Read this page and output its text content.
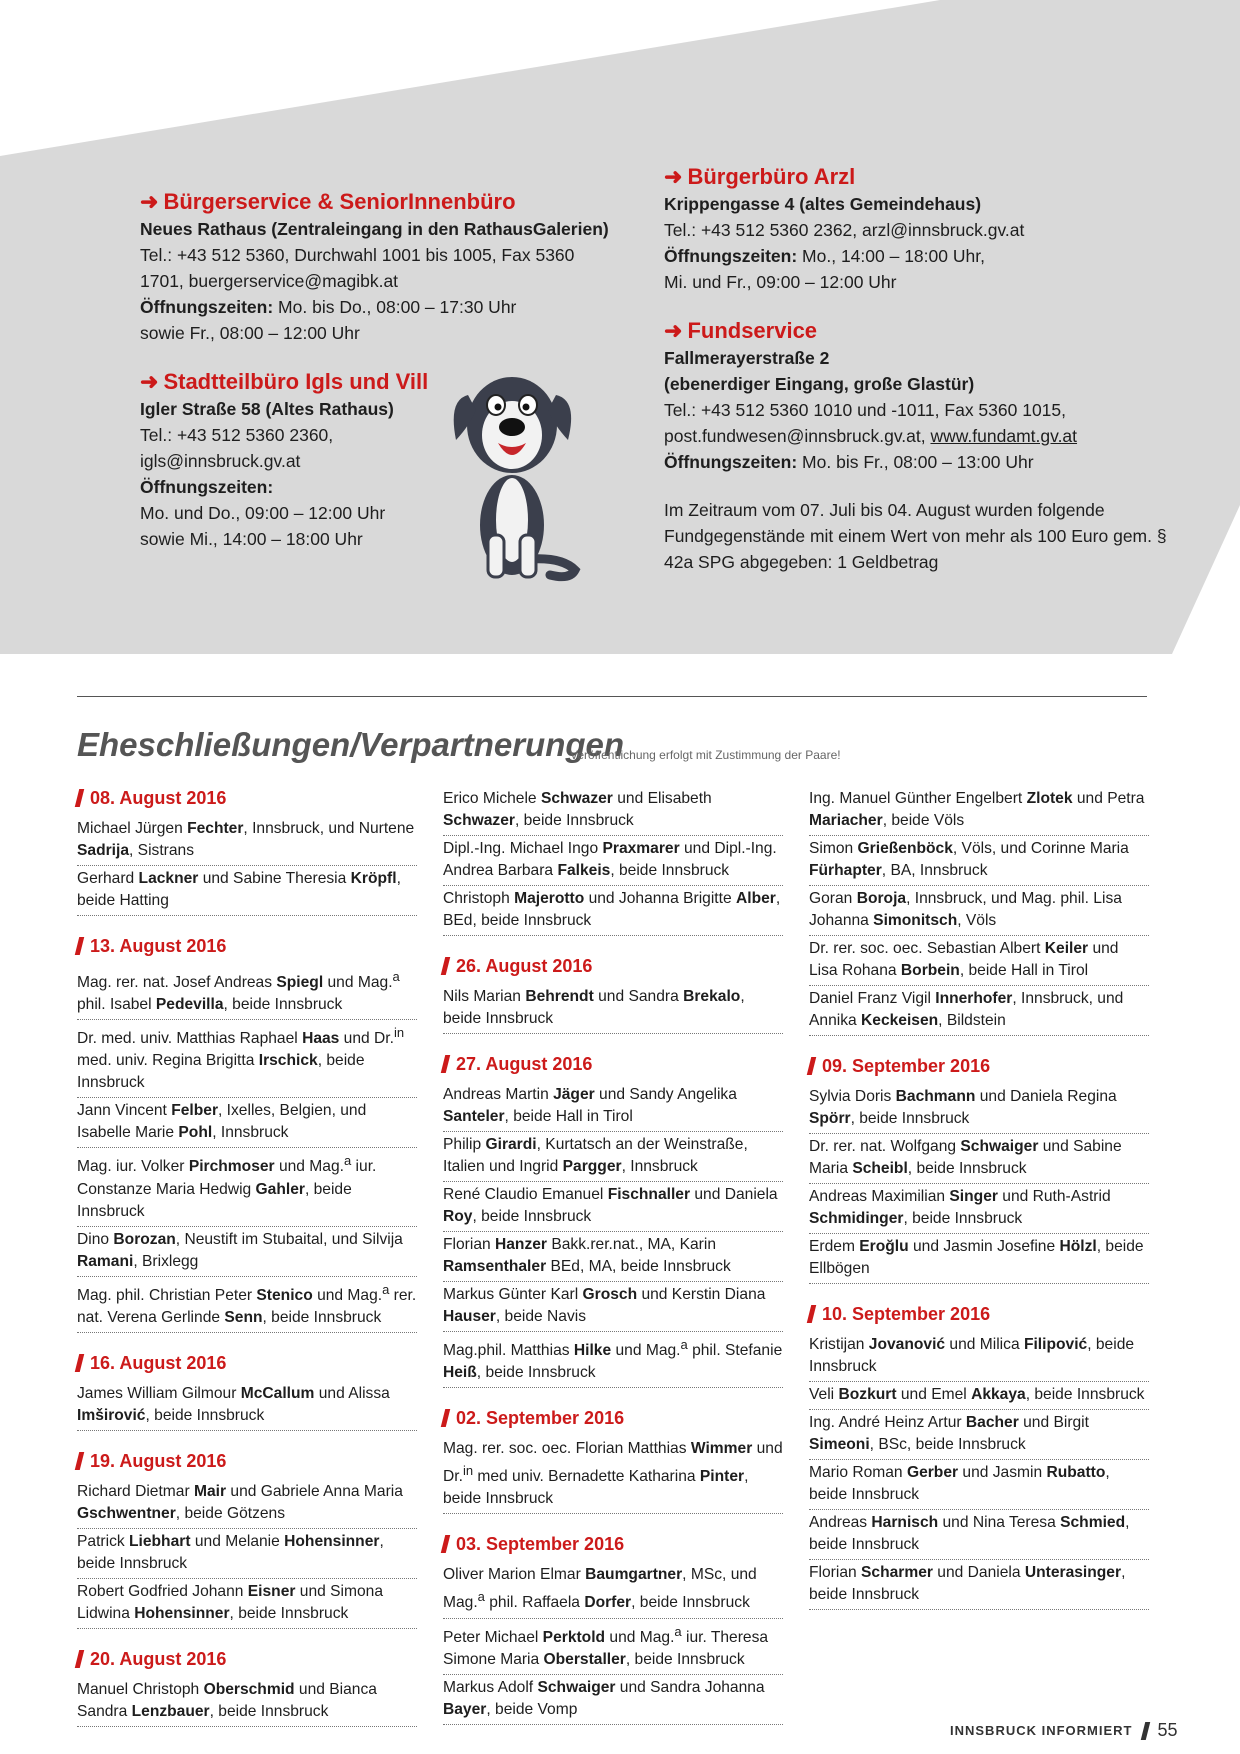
➜ Bürgerservice & SeniorInnenbüro
Neues Rathaus (Zentraleingang in den RathausGalerien)
Tel.: +43 512 5360, Durchwahl 1001 bis 1005, Fax 5360 1701, buergerservice@magibk.at
Öffnungszeiten: Mo. bis Do., 08:00 – 17:30 Uhr
sowie Fr., 08:00 – 12:00 Uhr
➜ Stadtteilbüro Igls und Vill
Igler Straße 58 (Altes Rathaus)
Tel.: +43 512 5360 2360,
igls@innsbruck.gv.at
Öffnungszeiten:
Mo. und Do., 09:00 – 12:00 Uhr
sowie Mi., 14:00 – 18:00 Uhr
➜ Bürgerbüro Arzl
Krippengasse 4 (altes Gemeindehaus)
Tel.: +43 512 5360 2362, arzl@innsbruck.gv.at
Öffnungszeiten: Mo., 14:00 – 18:00 Uhr,
Mi. und Fr., 09:00 – 12:00 Uhr
➜ Fundservice
Fallmerayerstraße 2
(ebenerdiger Eingang, große Glastür)
Tel.: +43 512 5360 1010 und -1011, Fax 5360 1015,
post.fundwesen@innsbruck.gv.at, www.fundamt.gv.at
Öffnungszeiten: Mo. bis Fr., 08:00 – 13:00 Uhr
Im Zeitraum vom 07. Juli bis 04. August wurden folgende Fundgegenstände mit einem Wert von mehr als 100 Euro gem. § 42a SPG abgegeben: 1 Geldbetrag
Eheschließungen/Verpartnerungen
Veröffentlichung erfolgt mit Zustimmung der Paare!
08. August 2016
Michael Jürgen Fechter, Innsbruck, und Nurtene Sadrija, Sistrans
Gerhard Lackner und Sabine Theresia Kröpfl, beide Hatting
13. August 2016
Mag. rer. nat. Josef Andreas Spiegl und Mag.$^a$ phil. Isabel Pedevilla, beide Innsbruck
Dr. med. univ. Matthias Raphael Haas und Dr.$^{in}$ med. univ. Regina Brigitta Irschick, beide Innsbruck
Jann Vincent Felber, Ixelles, Belgien, und Isabelle Marie Pohl, Innsbruck
Mag. iur. Volker Pirchmoser und Mag.$^a$ iur. Constanze Maria Hedwig Gahler, beide Innsbruck
Dino Borozan, Neustift im Stubaital, und Silvija Ramani, Brixlegg
Mag. phil. Christian Peter Stenico und Mag.$^a$ rer. nat. Verena Gerlinde Senn, beide Innsbruck
16. August 2016
James William Gilmour McCallum und Alissa Imširović, beide Innsbruck
19. August 2016
Richard Dietmar Mair und Gabriele Anna Maria Gschwentner, beide Götzens
Patrick Liebhart und Melanie Hohensinner, beide Innsbruck
Robert Godfried Johann Eisner und Simona Lidwina Hohensinner, beide Innsbruck
20. August 2016
Manuel Christoph Oberschmid und Bianca Sandra Lenzbauer, beide Innsbruck
Erico Michele Schwazer und Elisabeth Schwazer, beide Innsbruck
Dipl.-Ing. Michael Ingo Praxmarer und Dipl.-Ing. Andrea Barbara Falkeis, beide Innsbruck
Christoph Majerotto und Johanna Brigitte Alber, BEd, beide Innsbruck
26. August 2016
Nils Marian Behrendt und Sandra Brekalo, beide Innsbruck
27. August 2016
Andreas Martin Jäger und Sandy Angelika Santeler, beide Hall in Tirol
Philip Girardi, Kurtatsch an der Weinstraße, Italien und Ingrid Pargger, Innsbruck
René Claudio Emanuel Fischnaller und Daniela Roy, beide Innsbruck
Florian Hanzer Bakk.rer.nat., MA, Karin Ramsenthaler BEd, MA, beide Innsbruck
Markus Günter Karl Grosch und Kerstin Diana Hauser, beide Navis
Mag.phil. Matthias Hilke und Mag.$^a$ phil. Stefanie Heiß, beide Innsbruck
02. September 2016
Mag. rer. soc. oec. Florian Matthias Wimmer und Dr.$^{in}$ med univ. Bernadette Katharina Pinter, beide Innsbruck
03. September 2016
Oliver Marion Elmar Baumgartner, MSc, und Mag.$^a$ phil. Raffaela Dorfer, beide Innsbruck
Peter Michael Perktold und Mag.$^a$ iur. Theresa Simone Maria Oberstaller, beide Innsbruck
Markus Adolf Schwaiger und Sandra Johanna Bayer, beide Vomp
Ing. Manuel Günther Engelbert Zlotek und Petra Mariacher, beide Völs
Simon Grießenböck, Völs, und Corinne Maria Fürhapter, BA, Innsbruck
Goran Boroja, Innsbruck, und Mag. phil. Lisa Johanna Simonitsch, Völs
Dr. rer. soc. oec. Sebastian Albert Keiler und Lisa Rohana Borbein, beide Hall in Tirol
Daniel Franz Vigil Innerhofer, Innsbruck, und Annika Keckeisen, Bildstein
09. September 2016
Sylvia Doris Bachmann und Daniela Regina Spörr, beide Innsbruck
Dr. rer. nat. Wolfgang Schwaiger und Sabine Maria Scheibl, beide Innsbruck
Andreas Maximilian Singer und Ruth-Astrid Schmidinger, beide Innsbruck
Erdem Eroğlu und Jasmin Josefine Hölzl, beide Ellbögen
10. September 2016
Kristijan Jovanović und Milica Filipović, beide Innsbruck
Veli Bozkurt und Emel Akkaya, beide Innsbruck
Ing. André Heinz Artur Bacher und Birgit Simeoni, BSc, beide Innsbruck
Mario Roman Gerber und Jasmin Rubatto, beide Innsbruck
Andreas Harnisch und Nina Teresa Schmied, beide Innsbruck
Florian Scharmer und Daniela Unterasinger, beide Innsbruck
INNSBRUCK INFORMIERT 55
